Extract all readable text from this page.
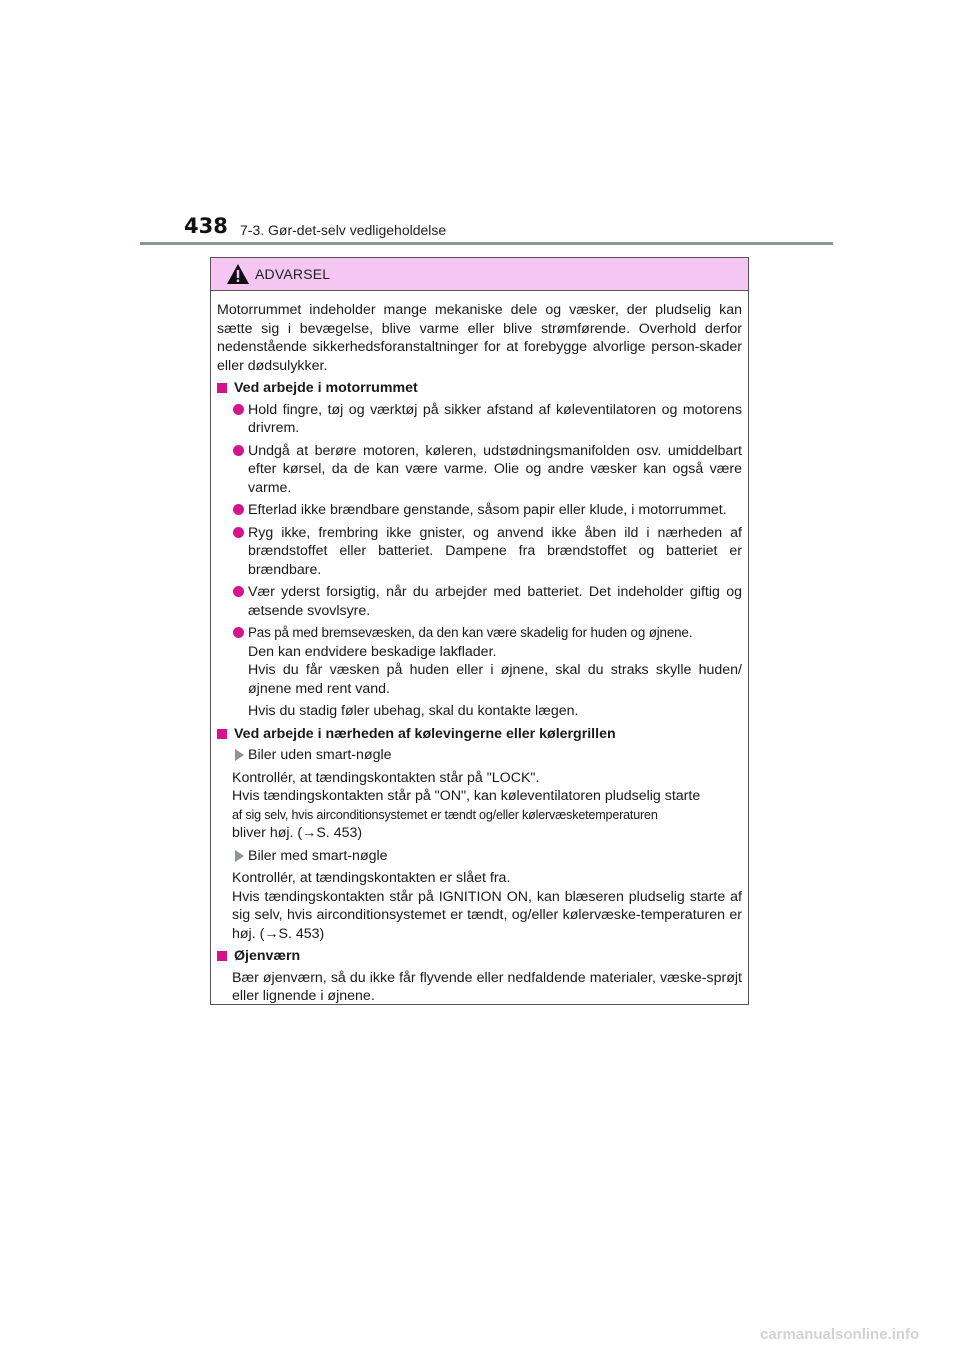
438 7-3. Gør-det-selv vedligeholdelse
ADVARSEL

Motorrummet indeholder mange mekaniske dele og væsker, der pludselig kan sætte sig i bevægelse, blive varme eller blive strømførende. Overhold derfor nedenstående sikkerhedsforanstaltninger for at forebygge alvorlige person-skader eller dødsulykker.

Ved arbejde i motorrummet
Hold fingre, tøj og værktøj på sikker afstand af køleventilatoren og motorens drivrem.
Undgå at berøre motoren, køleren, udstødningsmanifolden osv. umiddelbart efter kørsel, da de kan være varme. Olie og andre væsker kan også være varme.
Efterlad ikke brændbare genstande, såsom papir eller klude, i motorrummet.
Ryg ikke, frembring ikke gnister, og anvend ikke åben ild i nærheden af brændstoffet eller batteriet. Dampene fra brændstoffet og batteriet er brændbare.
Vær yderst forsigtig, når du arbejder med batteriet. Det indeholder giftig og ætsende svovlsyre.
Pas på med bremsevæsken, da den kan være skadelig for huden og øjnene.
Den kan endvidere beskadige lakflader.
Hvis du får væsken på huden eller i øjnene, skal du straks skylle huden/øjnene med rent vand.

Hvis du stadig føler ubehag, skal du kontakte lægen.

Ved arbejde i nærheden af kølevingerne eller kølergrillen
Biler uden smart-nøgle
Kontrollér, at tændingskontakten står på "LOCK".
Hvis tændingskontakten står på "ON", kan køleventilatoren pludselig starte
af sig selv, hvis airconditionsystemet er tændt og/eller kølervæsketemperaturen
bliver høj. (→S. 453)
Biler med smart-nøgle
Kontrollér, at tændingskontakten er slået fra.
Hvis tændingskontakten står på IGNITION ON, kan blæseren pludselig starte af sig selv, hvis airconditionsystemet er tændt, og/eller kølervæske-temperaturen er høj. (→S. 453)
Øjenværn

Bær øjenværn, så du ikke får flyvende eller nedfaldende materialer, væske-sprøjt eller lignende i øjnene.

carmanualsonline.info
